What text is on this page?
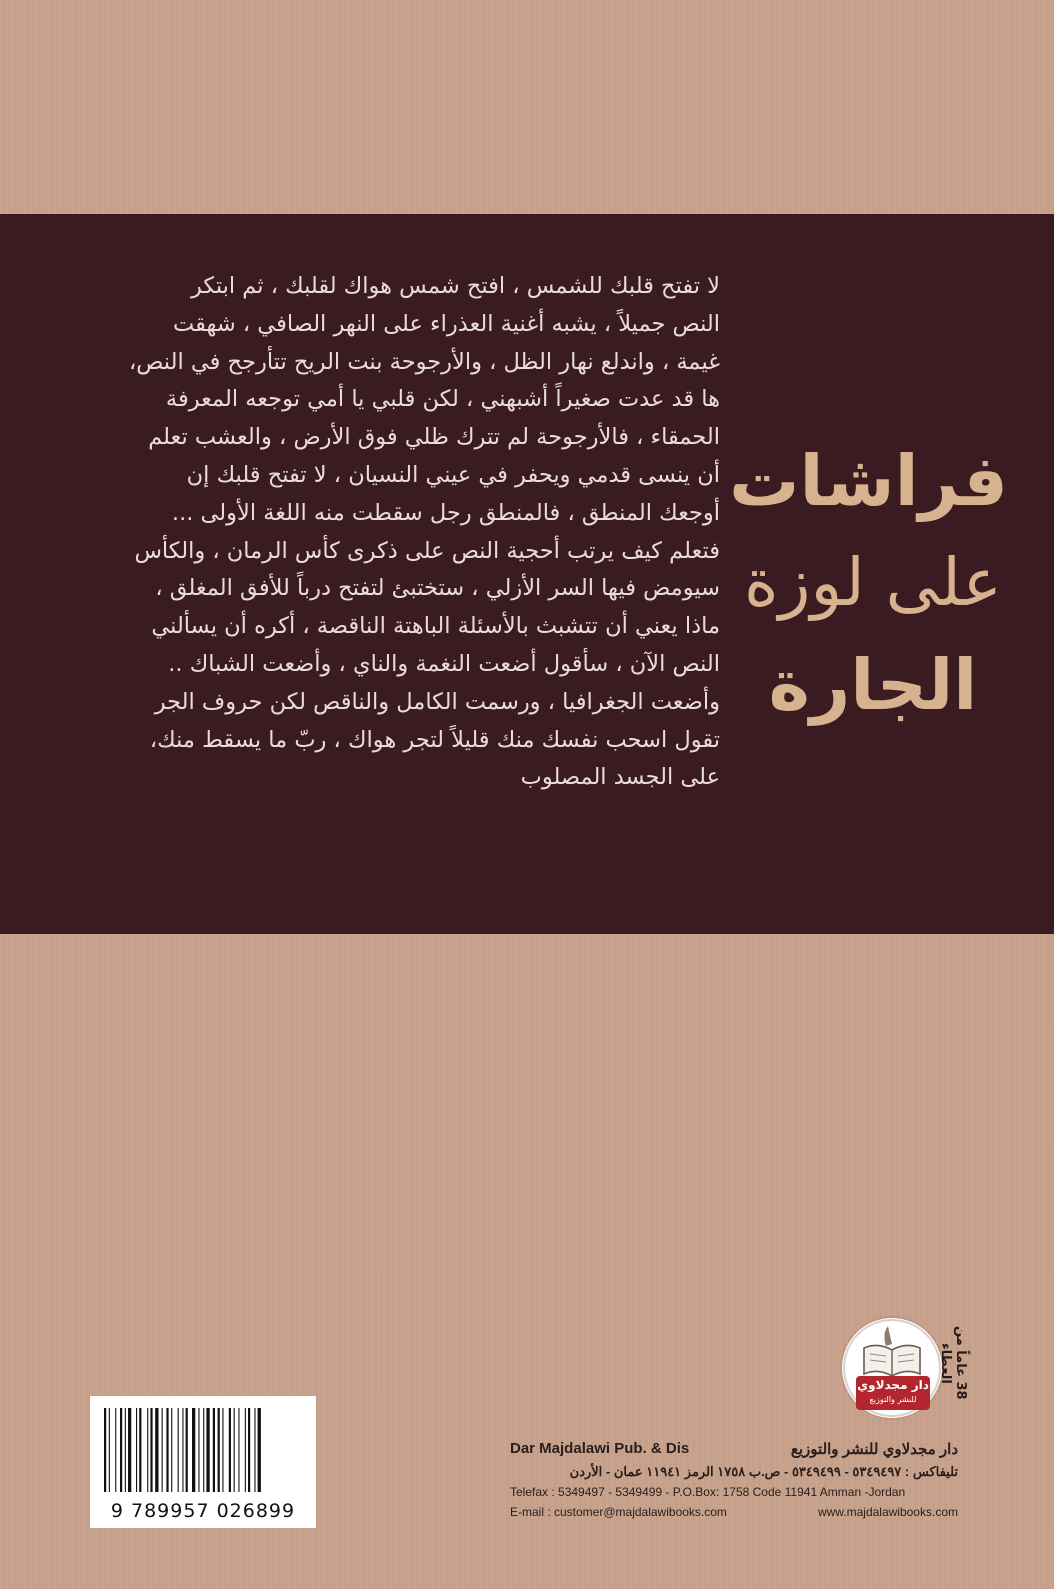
فراشات
على لوزة
الجارة
لا تفتح قلبك للشمس ، افتح شمس هواك لقلبك ، ثم ابتكر
النص جميلاً ، يشبه أغنية العذراء على النهر الصافي ، شهقت
غيمة ، واندلع نهار الظل ، والأرجوحة بنت الريح تتأرجح في النص،
ها قد عدت صغيراً أشبهني ، لكن قلبي يا أمي توجعه المعرفة
الحمقاء ، فالأرجوحة لم تترك ظلي فوق الأرض ، والعشب تعلم
أن ينسى قدمي ويحفر في عيني النسيان ، لا تفتح قلبك إن
أوجعك المنطق ، فالمنطق رجل سقطت منه اللغة الأولى ...
فتعلم كيف يرتب أحجية النص على ذكرى كأس الرمان ، والكأس
سيومض فيها السر الأزلي ، ستختبئ لتفتح درباً للأفق المغلق ،
ماذا يعني أن تتشبث بالأسئلة الباهتة الناقصة ، أكره أن يسألني
النص الآن ، سأقول أضعت النغمة والناي ، وأضعت الشباك ..
وأضعت الجغرافيا ، ورسمت الكامل والناقص لكن حروف الجر
تقول اسحب نفسك منك قليلاً لتجر هواك ، ربّ ما يسقط منك،
على الجسد المصلوب
دار مجدلاوي
للنشر والتوزيع
38 عاماً من العطاء
9 789957 026899
Dar Majdalawi Pub. & Dis	دار مجدلاوي للنشر والتوزيع
تليفاكس : ٥٣٤٩٤٩٧ - ٥٣٤٩٤٩٩ - ص.ب ١٧٥٨ الرمز ١١٩٤١ عمان - الأردن
Telefax : 5349497 - 5349499 - P.O.Box: 1758 Code 11941 Amman -Jordan
E-mail : customer@majdalawibooks.com	www.majdalawibooks.com
